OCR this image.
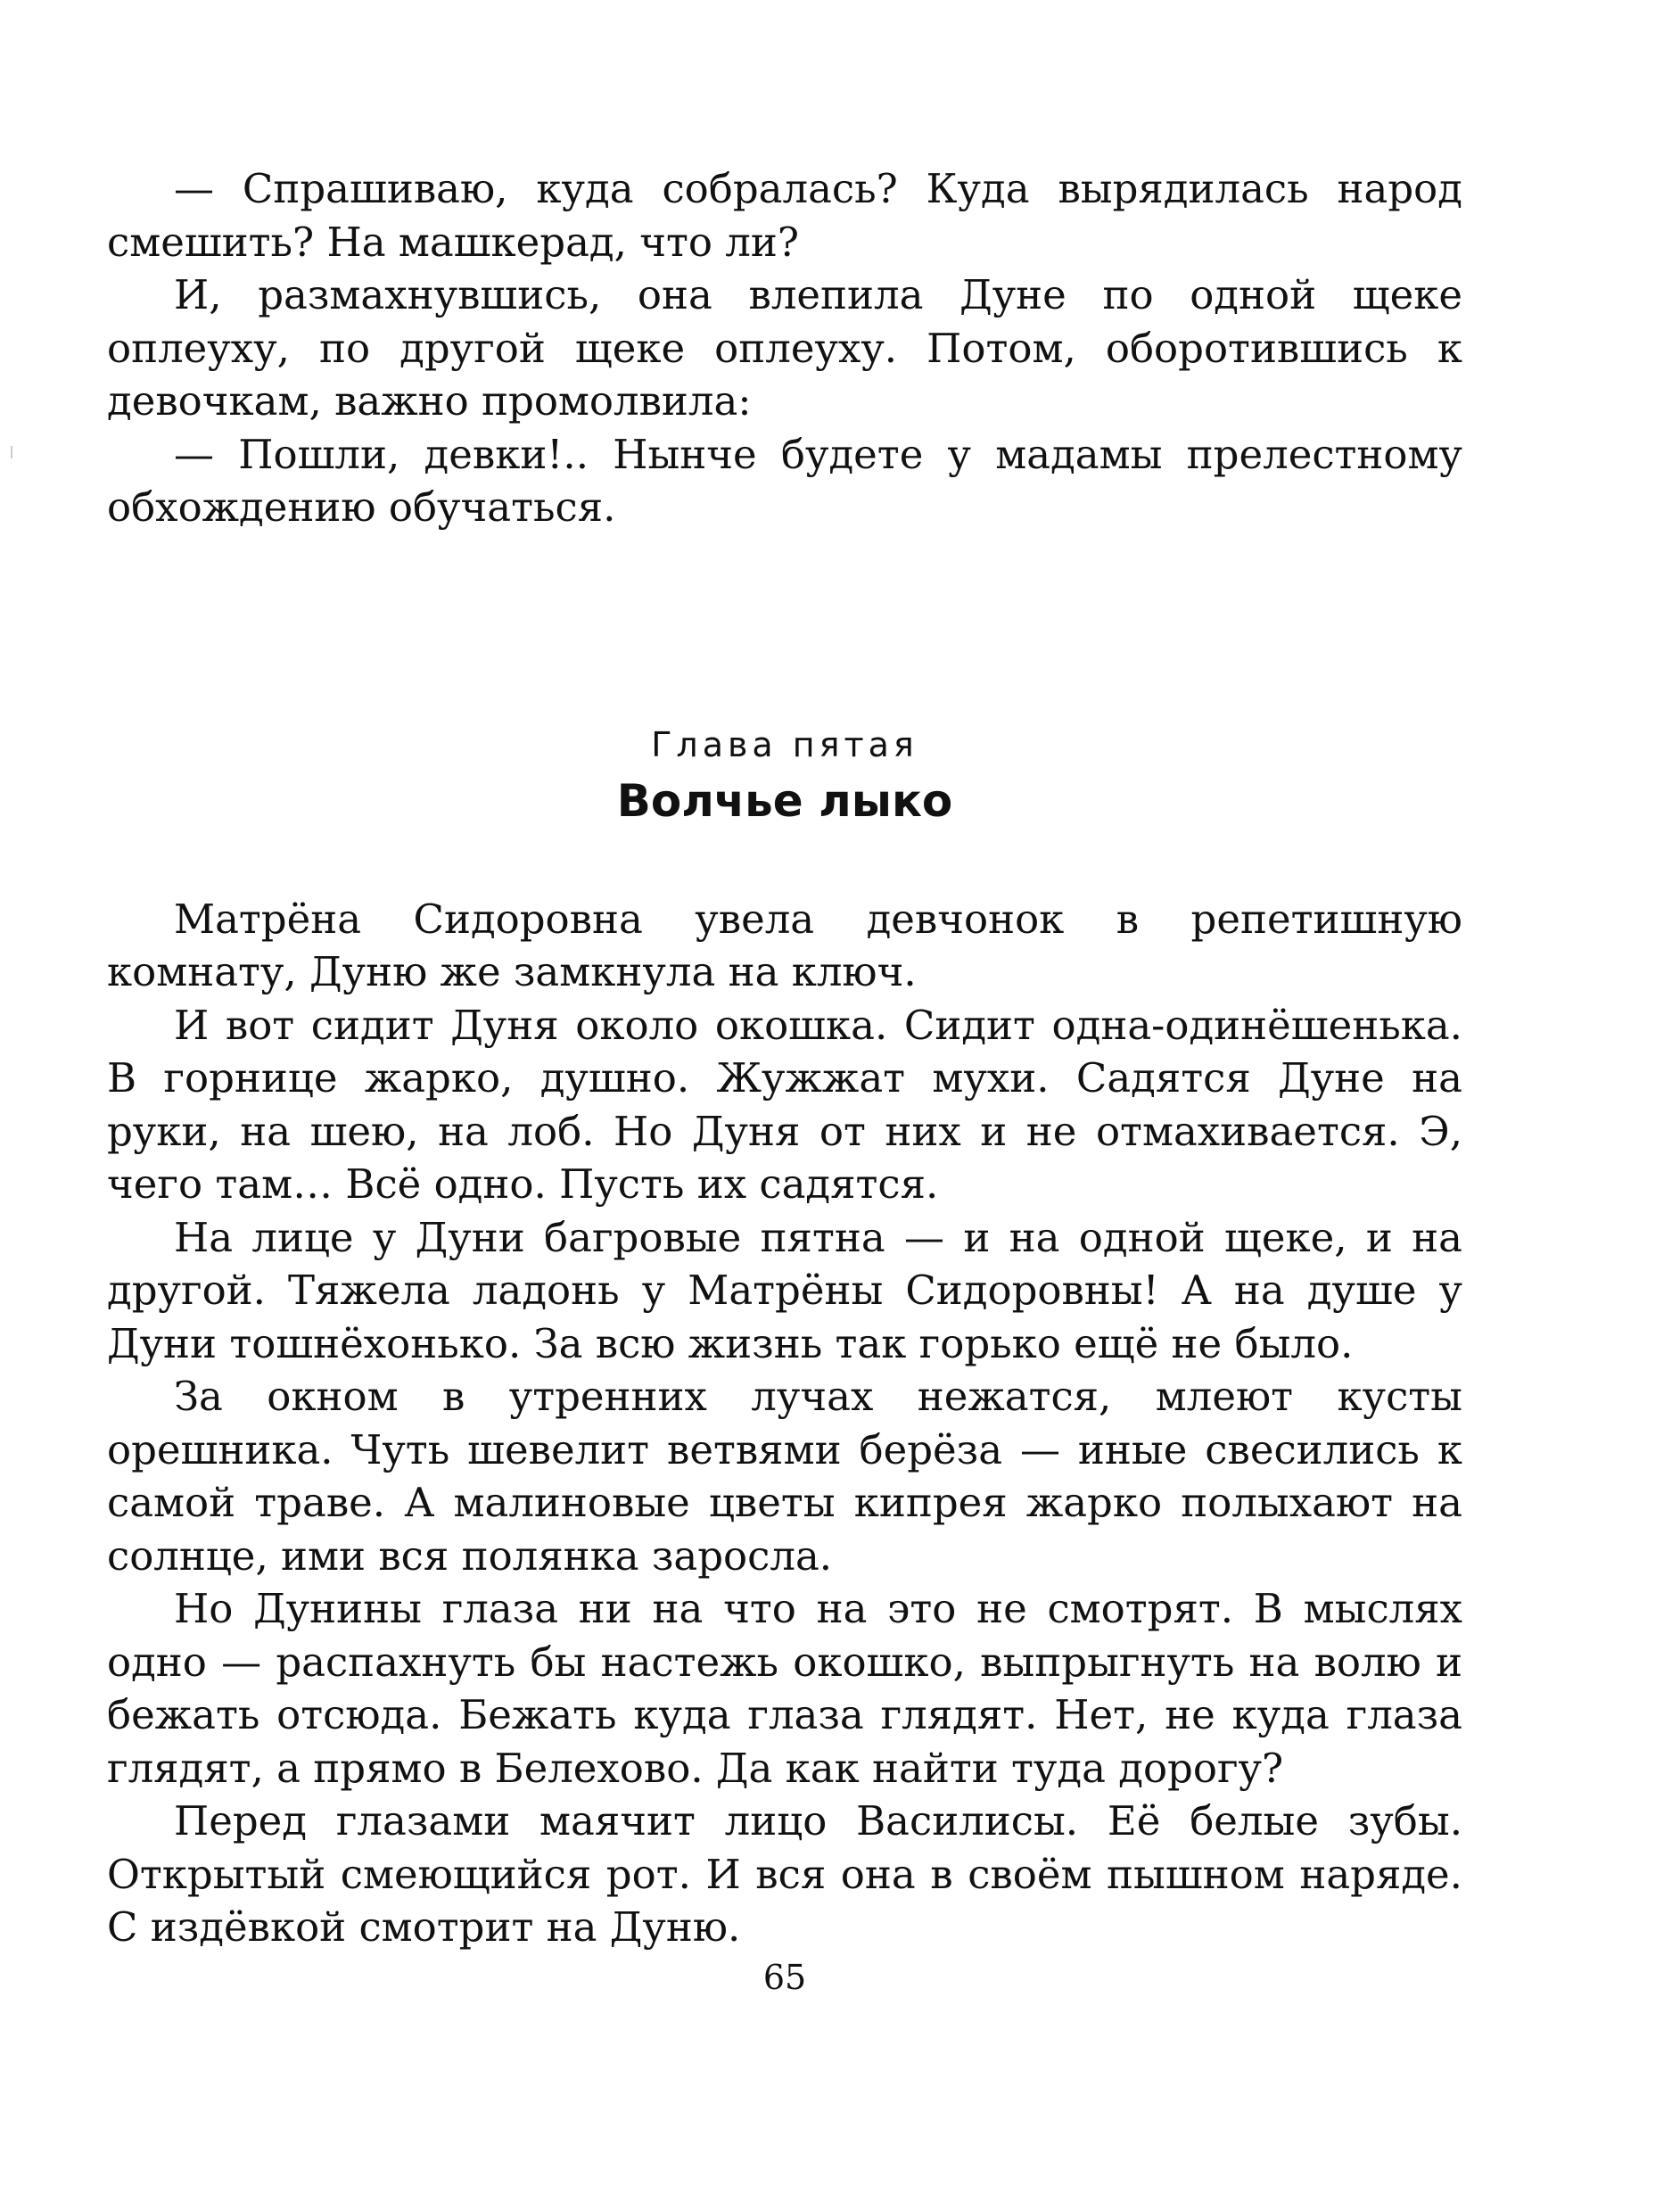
— Спрашиваю, куда собралась? Куда вырядилась народ смешить? На машкерад, что ли?

И, размахнувшись, она влепила Дуне по одной щеке оплеуху, по другой щеке оплеуху. Потом, оборотившись к девочкам, важно промолвила:

— Пошли, девки!.. Нынче будете у мадамы прелестному обхождению обучаться.

Глава пятая

Волчье лыко

Матрёна Сидоровна увела девчонок в репетишную комнату, Дуню же замкнула на ключ.

И вот сидит Дуня около окошка. Сидит одна-одинёшенька. В горнице жарко, душно. Жужжат мухи. Садятся Дуне на руки, на шею, на лоб. Но Дуня от них и не отмахивается. Э, чего там… Всё одно. Пусть их садятся.

На лице у Дуни багровые пятна — и на одной щеке, и на другой. Тяжела ладонь у Матрёны Сидоровны! А на душе у Дуни тошнёхонько. За всю жизнь так горько ещё не было.

За окном в утренних лучах нежатся, млеют кусты орешника. Чуть шевелит ветвями берёза — иные свесились к самой траве. А малиновые цветы кипрея жарко полыхают на солнце, ими вся полянка заросла.

Но Дунины глаза ни на что на это не смотрят. В мыслях одно — распахнуть бы настежь окошко, выпрыгнуть на волю и бежать отсюда. Бежать куда глаза глядят. Нет, не куда глаза глядят, а прямо в Белехово. Да как найти туда дорогу?

Перед глазами маячит лицо Василисы. Её белые зубы. Открытый смеющийся рот. И вся она в своём пышном наряде. С издёвкой смотрит на Дуню.

65
